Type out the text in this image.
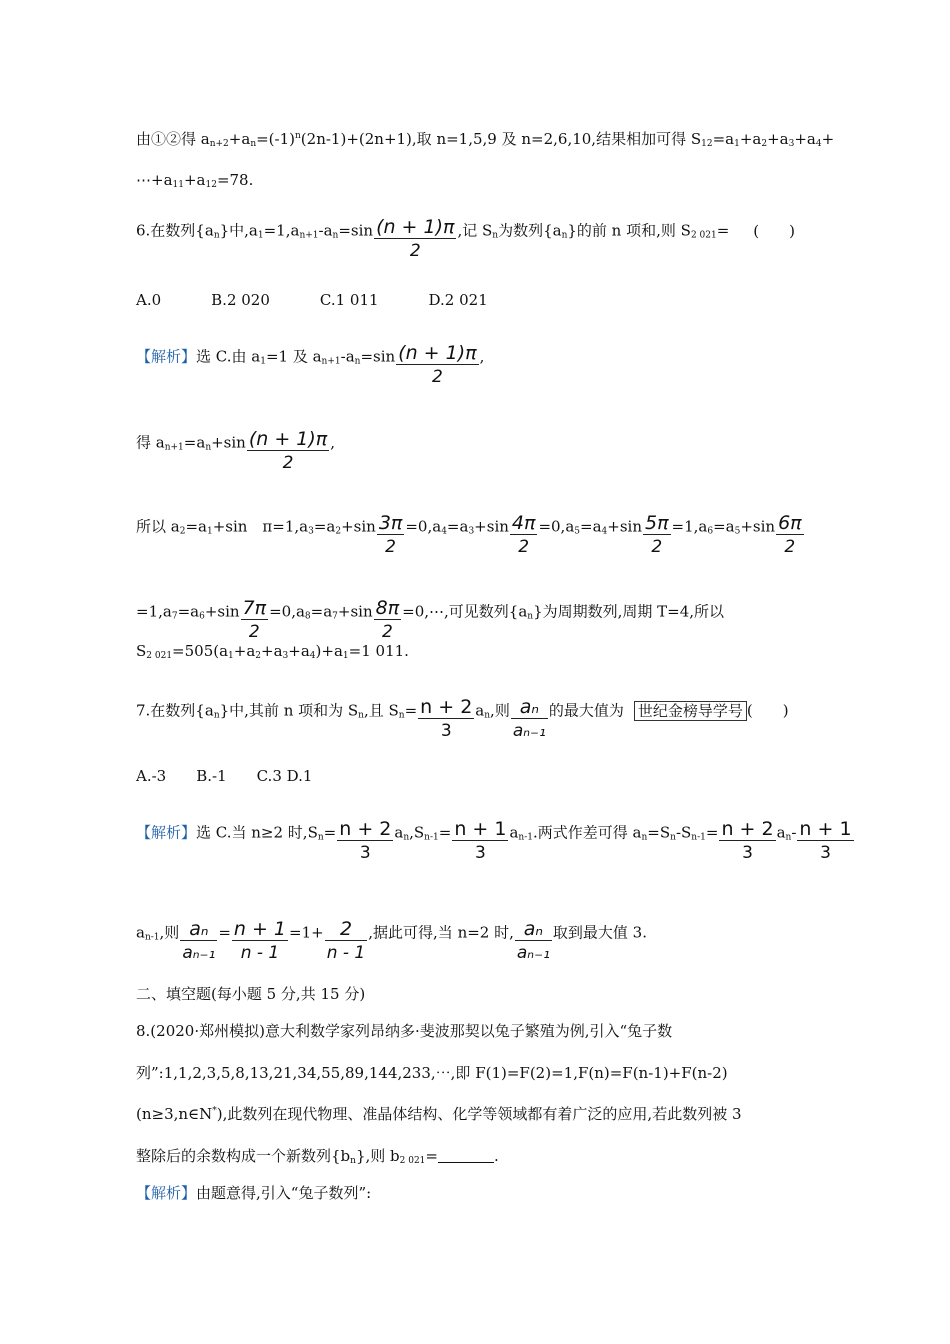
由①②得 $a_{n+2}+a_n=(-1)^n(2n-1)+(2n+1)$,取 n=1,5,9 及 n=2,6,10,结果相加可得 $S_{12}=a_1+a_2+a_3+a_4+$
$\cdots+a_{11}+a_{12}=78$.
6.在数列$\{a_n\}$中$,a_1=1,a_{n+1}-a_n=\sin \frac{(n + 1)\pi}{2}$ ,记 $S_n$为数列$\{a_n\}$的前 n 项和,则 $S_{2 021}=$ (　　)
A.0	B.2 020	C.1 011	D.2 021
【解析】选 C.由 $a_1=1$ 及 $a_{n+1}-a_n=\sin \frac{(n + 1)\pi}{2}$ ,
得 $a_{n+1}=a_n+\sin \frac{(n + 1)\pi}{2}$ ,
所以 $a_2=a_1+\sin$　$\pi=1,a_3=a_2+\sin \frac{3\pi}{2} =0,a_4=a_3+\sin \frac{4\pi}{2} =0,a_5=a_4+\sin \frac{5\pi}{2} =1,a_6=a_5+\sin \frac{6\pi}{2}$
$=1,a_7=a_6+\sin \frac{7\pi}{2} =0,a_8=a_7+\sin \frac{8\pi}{2}$ =0,⋯,可见数列$\{a_n\}$为周期数列,周期 T=4,所以
$S_{2 021}=505(a_1+a_2+a_3+a_4)+a_1=1$ 011.
7.在数列$\{a_n\}$中,其前 n 项和为 $S_n$,且 $S_n= \frac{n + 2}{3} a_n$,则 $\frac{\text{aₙ}}{\text{aₙ₋₁}}$ 的最大值为 世纪金榜导学号 (　　)
A.-3　　B.-1　　C.3 D.1
【解析】选 C.当 n≥2 时$,S_n= \frac{n + 2}{3} a_n,S_{n-1}= \frac{n + 1}{3} a_{n-1}$.两式作差可得 $a_n=S_n-S_{n-1}= \frac{n + 2}{3} a_n- \frac{n + 1}{3}$
$a_{n-1}$,则 $\frac{\text{aₙ}}{\text{aₙ₋₁}} = \frac{n + 1}{n - 1} =1+ \frac{2}{n - 1}$ ,据此可得,当 n=2 时, $\frac{\text{aₙ}}{\text{aₙ₋₁}}$ 取到最大值 3.
二、填空题(每小题 5 分,共 15 分)
8.(2020·郑州模拟)意大利数学家列昂纳多·斐波那契以兔子繁殖为例,引入“兔子数
列”:1,1,2,3,5,8,13,21,34,55,89,144,233,⋯,即 F(1)=F(2)=1,F(n)=F(n-1)+F(n-2)
(n≥3,n∈N*),此数列在现代物理、准晶体结构、化学等领域都有着广泛的应用,若此数列被 3
整除后的余数构成一个新数列$\{b_n\}$,则 $b_{2 021}=$	.
【解析】由题意得,引入“兔子数列”:
